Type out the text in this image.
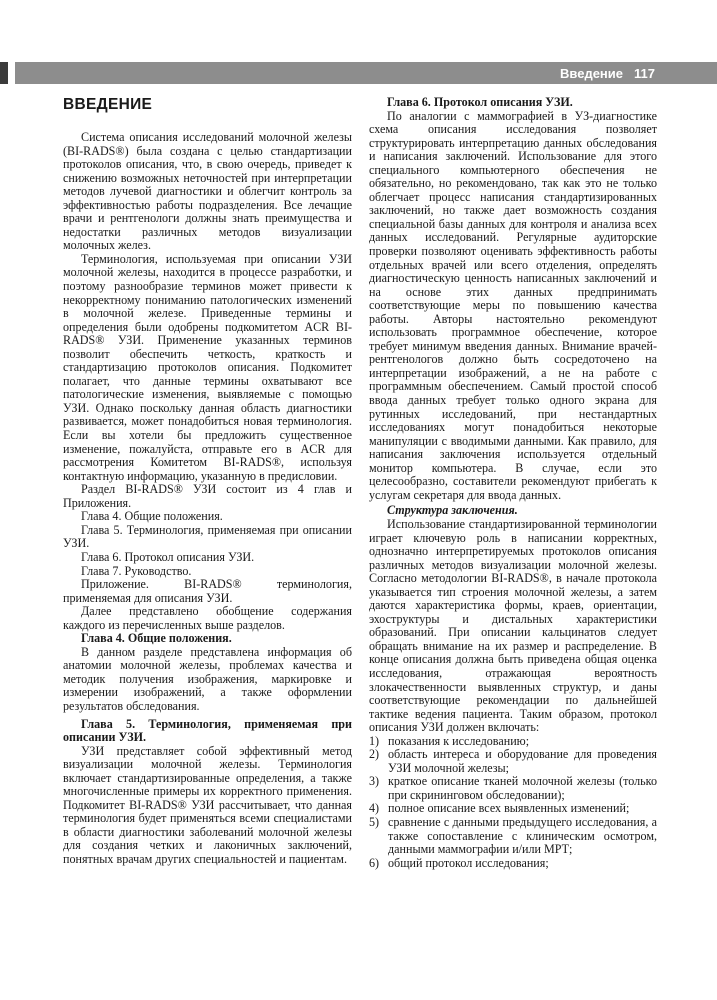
Введение 117
ВВЕДЕНИЕ

Система описания исследований молочной железы (BI-RADS®) была создана с целью стандартизации протоколов описания, что, в свою очередь, приведет к снижению возможных неточностей при интерпретации методов лучевой диагностики и облегчит контроль за эффективностью работы подразделения. Все лечащие врачи и рентгенологи должны знать преимущества и недостатки различных методов визуализации молочных желез.

Терминология, используемая при описании УЗИ молочной железы, находится в процессе разработки, и поэтому разнообразие терминов может привести к некорректному пониманию патологических изменений в молочной железе. Приведенные термины и определения были одобрены подкомитетом ACR BI-RADS® УЗИ. Применение указанных терминов позволит обеспечить четкость, краткость и стандартизацию протоколов описания. Подкомитет полагает, что данные термины охватывают все патологические изменения, выявляемые с помощью УЗИ. Однако поскольку данная область диагностики развивается, может понадобиться новая терминология. Если вы хотели бы предложить существенное изменение, пожалуйста, отправьте его в ACR для рассмотрения Комитетом BI-RADS®, используя контактную информацию, указанную в предисловии.

Раздел BI-RADS® УЗИ состоит из 4 глав и Приложения.

Глава 4. Общие положения.

Глава 5. Терминология, применяемая при описании УЗИ.

Глава 6. Протокол описания УЗИ.

Глава 7. Руководство.

Приложение. BI-RADS® терминология, применяемая для описания УЗИ.

Далее представлено обобщение содержания каждого из перечисленных выше разделов.

Глава 4. Общие положения.

В данном разделе представлена информация об анатомии молочной железы, проблемах качества и методик получения изображения, маркировке и измерении изображений, а также оформлении результатов обследования.

Глава 5. Терминология, применяемая при описании УЗИ.

УЗИ представляет собой эффективный метод визуализации молочной железы. Терминология включает стандартизированные определения, а также многочисленные примеры их корректного применения. Подкомитет BI-RADS® УЗИ рассчитывает, что данная терминология будет применяться всеми специалистами в области диагностики заболеваний молочной железы для создания четких и лаконичных заключений, понятных врачам других специальностей и пациентам.

Глава 6. Протокол описания УЗИ.

По аналогии с маммографией в УЗ-диагностике схема описания исследования позволяет структурировать интерпретацию данных обследования и написания заключений. Использование для этого специального компьютерного обеспечения не обязательно, но рекомендовано, так как это не только облегчает процесс написания стандартизированных заключений, но также дает возможность создания специальной базы данных для контроля и анализа всех данных исследований. Регулярные аудиторские проверки позволяют оценивать эффективность работы отдельных врачей или всего отделения, определять диагностическую ценность написанных заключений и на основе этих данных предпринимать соответствующие меры по повышению качества работы. Авторы настоятельно рекомендуют использовать программное обеспечение, которое требует минимум введения данных. Внимание врачей-рентгенологов должно быть сосредоточено на интерпретации изображений, а не на работе с программным обеспечением. Самый простой способ ввода данных требует только одного экрана для рутинных исследований, при нестандартных исследованиях могут понадобиться некоторые манипуляции с вводимыми данными. Как правило, для написания заключения используется отдельный монитор компьютера. В случае, если это целесообразно, составители рекомендуют прибегать к услугам секретаря для ввода данных.

Структура заключения.

Использование стандартизированной терминологии играет ключевую роль в написании корректных, однозначно интерпретируемых протоколов описания различных методов визуализации молочной железы. Согласно методологии BI-RADS®, в начале протокола указывается тип строения молочной железы, а затем даются характеристика формы, краев, ориентации, эхоструктуры и дистальных характеристики образований. При описании кальцинатов следует обращать внимание на их размер и распределение. В конце описания должна быть приведена общая оценка исследования, отражающая вероятность злокачественности выявленных структур, и даны соответствующие рекомендации по дальнейшей тактике ведения пациента. Таким образом, протокол описания УЗИ должен включать:

1) показания к исследованию;
2) область интереса и оборудование для проведения УЗИ молочной железы;
3) краткое описание тканей молочной железы (только при скрининговом обследовании);
4) полное описание всех выявленных изменений;
5) сравнение с данными предыдущего исследования, а также сопоставление с клиническим осмотром, данными маммографии и/или МРТ;
6) общий протокол исследования;
